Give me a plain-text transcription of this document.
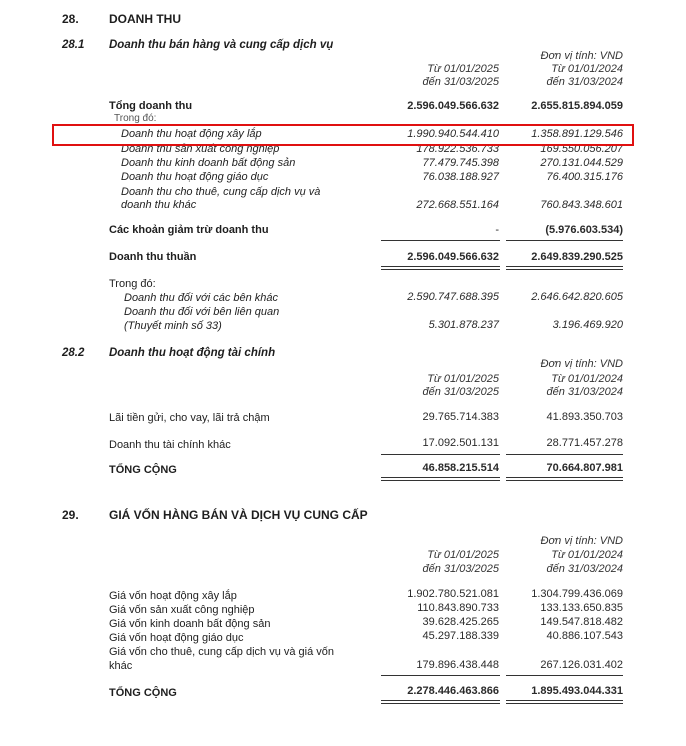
28.	DOANH THU
28.1 Doanh thu bán hàng và cung cấp dịch vụ
Đơn vị tính: VND
Từ 01/01/2025
đến 31/03/2025
Từ 01/01/2024
đến 31/03/2024
Tổng doanh thu	2.596.049.566.632	2.655.815.894.059
Trong đó:
Doanh thu hoạt động xây lắp	1.990.940.544.410	1.358.891.129.546
Doanh thu sản xuất công nghiệp	178.922.536.733	169.550.056.207
Doanh thu kinh doanh bất động sản	77.479.745.398	270.131.044.529
Doanh thu hoạt động giáo dục	76.038.188.927	76.400.315.176
Doanh thu cho thuê, cung cấp dịch vụ và
doanh thu khác	272.668.551.164	760.843.348.601
Các khoản giảm trừ doanh thu	-	(5.976.603.534)
Doanh thu thuần	2.596.049.566.632	2.649.839.290.525
Trong đó:
Doanh thu đối với các bên khác	2.590.747.688.395	2.646.642.820.605
Doanh thu đối với bên liên quan
(Thuyết minh số 33)	5.301.878.237	3.196.469.920
28.2 Doanh thu hoạt động tài chính
Đơn vị tính: VND
Từ 01/01/2025
đến 31/03/2025
Từ 01/01/2024
đến 31/03/2024
Lãi tiền gửi, cho vay, lãi trả chậm	29.765.714.383	41.893.350.703
Doanh thu tài chính khác	17.092.501.131	28.771.457.278
TỔNG CỘNG	46.858.215.514	70.664.807.981
29.	GIÁ VỐN HÀNG BÁN VÀ DỊCH VỤ CUNG CẤP
Đơn vị tính: VND
Từ 01/01/2025
đến 31/03/2025
Từ 01/01/2024
đến 31/03/2024
Giá vốn hoạt động xây lắp	1.902.780.521.081	1.304.799.436.069
Giá vốn sản xuất công nghiệp	110.843.890.733	133.133.650.835
Giá vốn kinh doanh bất động sản	39.628.425.265	149.547.818.482
Giá vốn hoạt động giáo dục	45.297.188.339	40.886.107.543
Giá vốn cho thuê, cung cấp dịch vụ và giá vốn
khác	179.896.438.448	267.126.031.402
TỔNG CỘNG	2.278.446.463.866	1.895.493.044.331
